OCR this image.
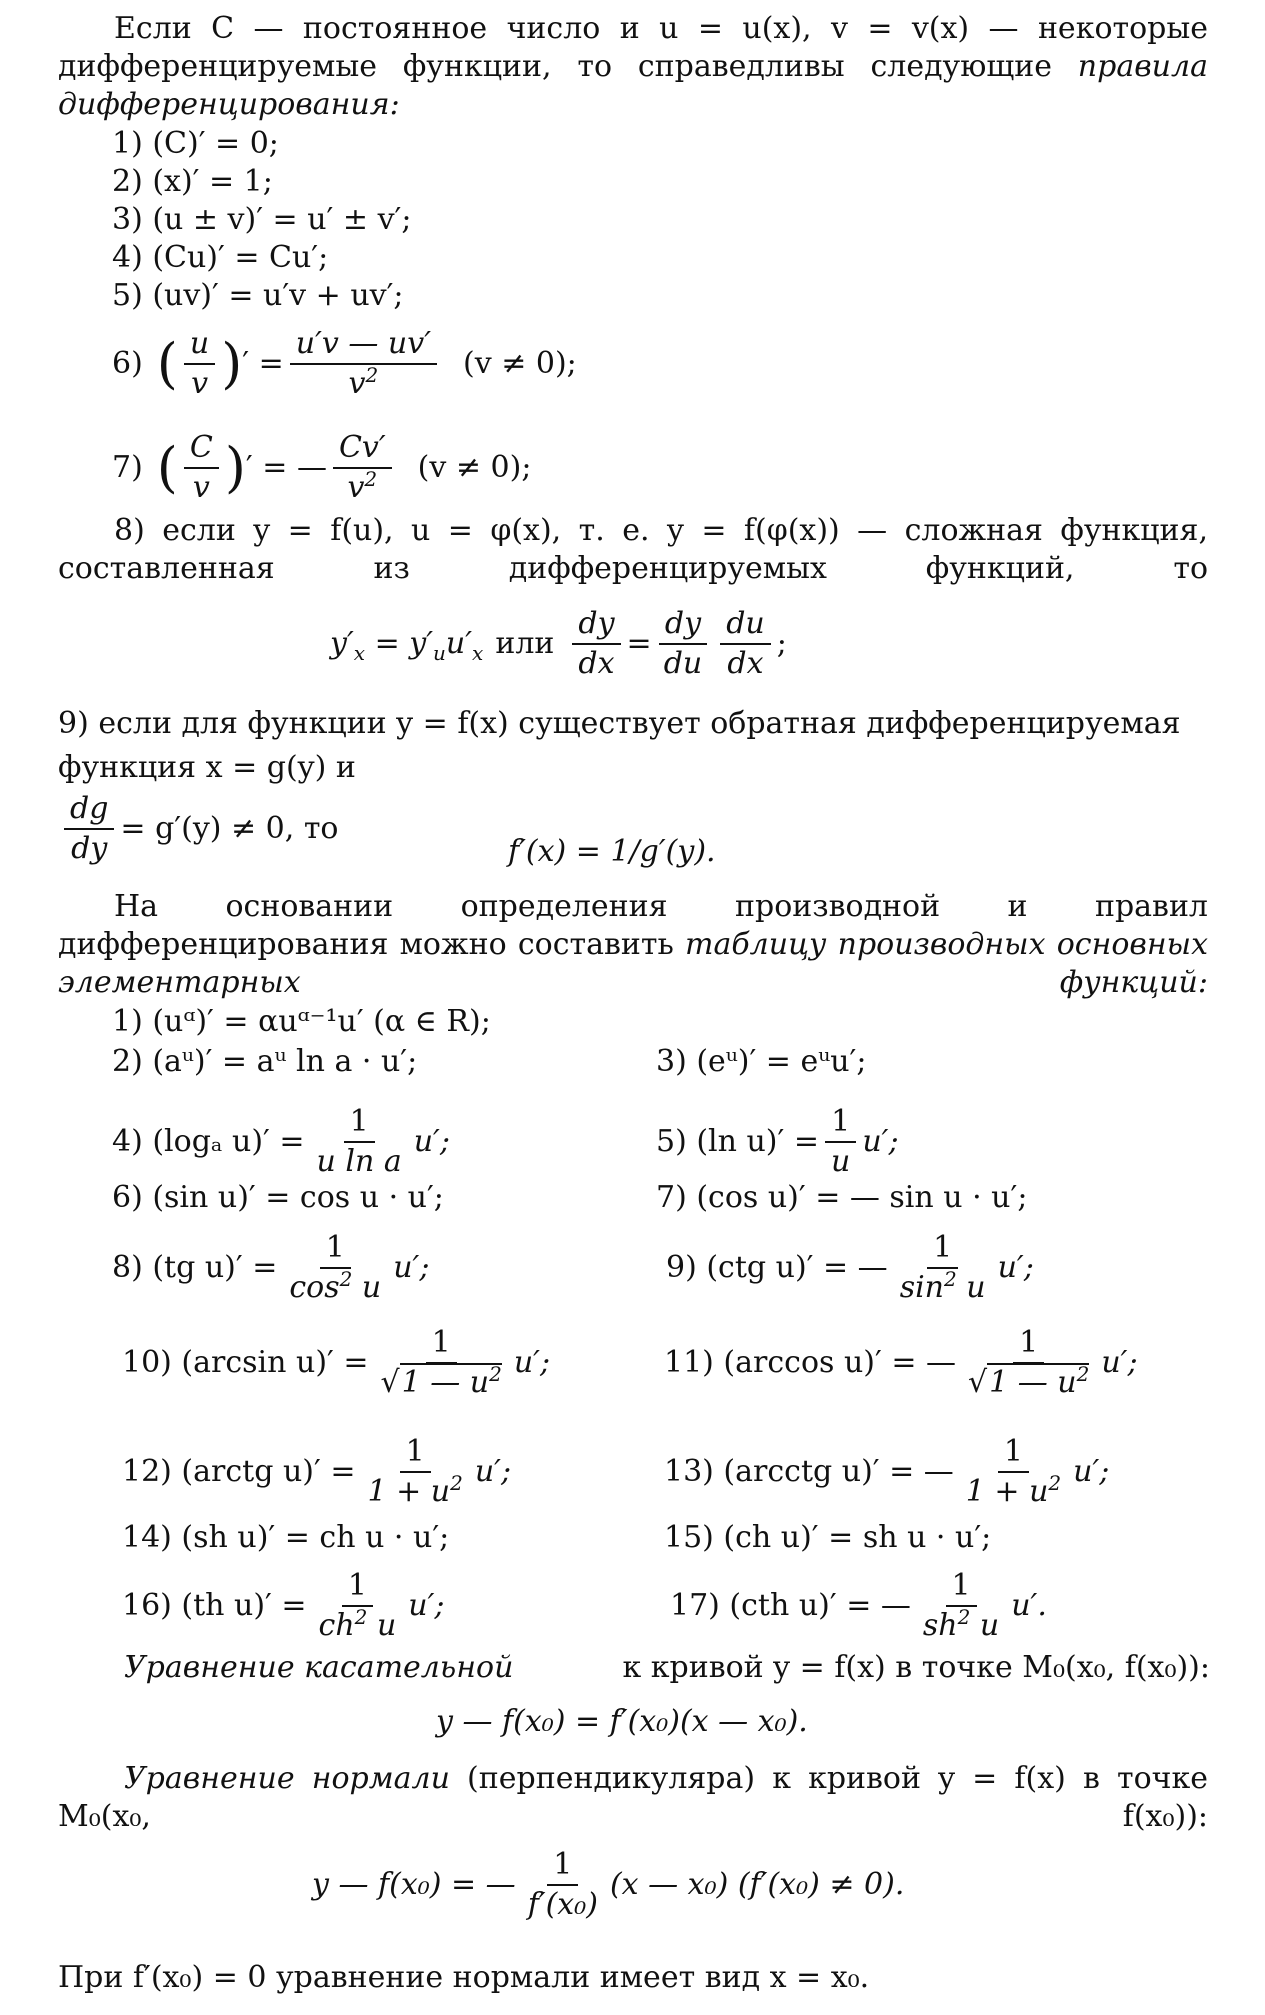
Если C — постоянное число и u = u(x), v = v(x) — некоторые дифференцируемые функции, то справедливы следующие правила дифференцирования:
1) (C)′ = 0;
2) (x)′ = 1;
3) (u ± v)′ = u′ ± v′;
4) (Cu)′ = Cu′;
5) (uv)′ = u′v + uv′;
6) ( $\frac{u}{v}$ ) ′ = $\frac{u'v — uv'}{v^2} (v \ne 0)$;
7) ( $\frac{C}{v}$ ) ′ = — $\frac{Cv'}{v^2} (v \ne 0)$;
8) если y = f(u), u = φ(x), т. е. y = f(φ(x)) — сложная функция, составленная из дифференцируемых функций, то
$y'_x = y'_uu'_x$ или $\frac{dy}{dx} = \frac{dy}{du} \frac{du}{dx}$ ;
9) если для функции y = f(x) существует обратная дифференцируемая функция x = g(y) и
$\frac{dg}{dy} = g'(y) \ne 0$, то
f′(x) = 1/g′(y).
На основании определения производной и правил дифференцирования можно составить таблицу производных основных элементарных функций:
1) (uᵅ)′ = αuᵅ⁻¹u′ (α ∈ R);
2) (aᵘ)′ = aᵘ ln a · u′;	3) (eᵘ)′ = eᵘu′;
4) (logₐ $u)' = \frac{1}{\text{u ln a}} u'$;	5) (ln $u)' = \frac{1}{u} u'$;
6) (sin u)′ = cos u · u′;	7) (cos u)′ = — sin u · u′;
8) (tg $u)' = \frac{1}{\cos^2 u} u'$;	9) (ctg u)′ = — $\frac{1}{\sin^2 u} u'$;
10) (arcsin $u)' = \frac{1}{√1 — u^2} u'$;	11) (arccos u)′ = — $\frac{1}{√1 — u^2} u'$;
12) (arctg $u)' = \frac{1}{1 + u^2} u'$;	13) (arcctg u)′ = — $\frac{1}{1 + u^2} u'$;
14) (sh u)′ = ch u · u′;	15) (ch u)′ = sh u · u′;
16) (th $u)' = \frac{1}{ch^2 u} u'$;	17) (cth u)′ = — $\frac{1}{sh^2 u} u'$.
Уравнение касательной	к кривой y = f(x) в точке M₀(x₀, f(x₀)):
y — f(x₀) = f′(x₀)(x — x₀).
Уравнение нормали (перпендикуляра) к кривой y = f(x) в точке M₀(x₀, f(x₀)):
y — f(x₀) = — $\frac{1}{\text{f′(x₀)}} (x$ — x₀) (f′(x₀) ≠ 0).
При f′(x₀) = 0 уравнение нормали имеет вид x = x₀.
